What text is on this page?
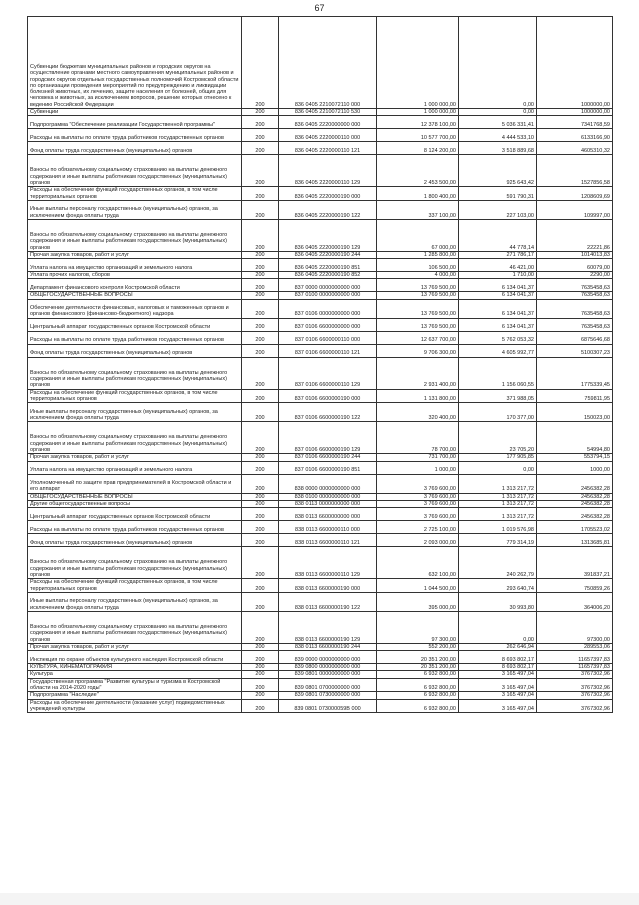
67
Субвенции бюджетам муниципальных районов и городских округов на осуществление органами местного самоуправления муниципальных районов и городских округов отдельных государственных полномочий Костромской области по организации проведения мероприятий по предупреждению и ликвидации болезней животных, их лечению, защите населения от болезней, общих для человека и животных, за исключением вопросов, решение которых отнесено к ведению Российской Федерации	200	836 0405 2210072110 000	1 000 000,00	0,00	1000000,00
Субвенции	200	836 0405 2210072110 530	1 000 000,00	0,00	1000000,00
Подпрограмма "Обеспечение реализации Государственной программы"	200	836 0405 2220000000 000	12 378 100,00	5 036 331,41	7341768,59
Расходы на выплаты по оплате труда работников государственных органов	200	836 0405 2220000110 000	10 577 700,00	4 444 533,10	6133166,90
Фонд оплаты труда государственных (муниципальных) органов	200	836 0405 2220000110 121	8 124 200,00	3 518 889,68	4605310,32
Взносы по обязательному социальному страхованию на выплаты денежного содержания и иные выплаты работникам государственных (муниципальных) органов	200	836 0405 2220000110 129	2 453 500,00	925 643,42	1527856,58
Расходы на обеспечение функций государственных органов, в том числе территориальных органов	200	836 0405 2220000190 000	1 800 400,00	591 790,31	1208609,69
Иные выплаты персоналу государственных (муниципальных) органов, за исключением фонда оплаты труда	200	836 0405 2220000190 122	337 100,00	227 103,00	109997,00
Взносы по обязательному социальному страхованию на выплаты денежного содержания и иные выплаты работникам государственных (муниципальных) органов	200	836 0405 2220000190 129	67 000,00	44 778,14	22221,86
Прочая закупка товаров, работ и услуг	200	836 0405 2220000190 244	1 285 800,00	271 786,17	1014013,83
Уплата налога на имущество организаций и земельного налога	200	836 0405 2220000190 851	106 500,00	46 421,00	60079,00
Уплата прочих налогов, сборов	200	836 0405 2220000190 852	4 000,00	1 710,00	2290,00
Департамент финансового контроля Костромской области	200	837 0000 0000000000 000	13 769 500,00	6 134 041,37	7635458,63
ОБЩЕГОСУДАРСТВЕННЫЕ ВОПРОСЫ	200	837 0100 0000000000 000	13 769 500,00	6 134 041,37	7635458,63
Обеспечение деятельности финансовых, налоговых и таможенных органов и органов финансового (финансово-бюджетного) надзора	200	837 0106 0000000000 000	13 769 500,00	6 134 041,37	7635458,63
Центральный аппарат государственных органов Костромской области	200	837 0106 6600000000 000	13 769 500,00	6 134 041,37	7635458,63
Расходы на выплаты по оплате труда работников государственных органов	200	837 0106 6600000110 000	12 637 700,00	5 762 053,32	6875646,68
Фонд оплаты труда государственных (муниципальных) органов	200	837 0106 6600000110 121	9 706 300,00	4 605 992,77	5100307,23
Взносы по обязательному социальному страхованию на выплаты денежного содержания и иные выплаты работникам государственных (муниципальных) органов	200	837 0106 6600000110 129	2 931 400,00	1 156 060,55	1775339,45
Расходы на обеспечение функций государственных органов, в том числе территориальных органов	200	837 0106 6600000190 000	1 131 800,00	371 988,05	759811,95
Иные выплаты персоналу государственных (муниципальных) органов, за исключением фонда оплаты труда	200	837 0106 6600000190 122	320 400,00	170 377,00	150023,00
Взносы по обязательному социальному страхованию на выплаты денежного содержания и иные выплаты работникам государственных (муниципальных) органов	200	837 0106 6600000190 129	78 700,00	23 705,20	54994,80
Прочая закупка товаров, работ и услуг	200	837 0106 6600000190 244	731 700,00	177 905,85	553794,15
Уплата налога на имущество организаций и земельного налога	200	837 0106 6600000190 851	1 000,00	0,00	1000,00
Уполномоченный по защите прав предпринимателей в Костромской области и его аппарат	200	838 0000 0000000000 000	3 769 600,00	1 313 217,72	2456382,28
ОБЩЕГОСУДАРСТВЕННЫЕ ВОПРОСЫ	200	838 0100 0000000000 000	3 769 600,00	1 313 217,72	2456382,28
Другие общегосударственные вопросы	200	838 0113 0000000000 000	3 769 600,00	1 313 217,72	2456382,28
Центральный аппарат государственных органов Костромской области	200	838 0113 6600000000 000	3 769 600,00	1 313 217,72	2456382,28
Расходы на выплаты по оплате труда работников государственных органов	200	838 0113 6600000110 000	2 725 100,00	1 019 576,98	1705523,02
Фонд оплаты труда государственных (муниципальных) органов	200	838 0113 6600000110 121	2 093 000,00	779 314,19	1313685,81
Взносы по обязательному социальному страхованию на выплаты денежного содержания и иные выплаты работникам государственных (муниципальных) органов	200	838 0113 6600000110 129	632 100,00	240 262,79	391837,21
Расходы на обеспечение функций государственных органов, в том числе территориальных органов	200	838 0113 6600000190 000	1 044 500,00	293 640,74	750859,26
Иные выплаты персоналу государственных (муниципальных) органов, за исключением фонда оплаты труда	200	838 0113 6600000190 122	395 000,00	30 993,80	364006,20
Взносы по обязательному социальному страхованию на выплаты денежного содержания и иные выплаты работникам государственных (муниципальных) органов	200	838 0113 6600000190 129	97 300,00	0,00	97300,00
Прочая закупка товаров, работ и услуг	200	838 0113 6600000190 244	552 200,00	262 646,94	289553,06
Инспекция по охране объектов культурного наследия Костромской области	200	839 0000 0000000000 000	20 351 200,00	8 693 802,17	11657397,83
КУЛЬТУРА, КИНЕМАТОГРАФИЯ	200	839 0800 0000000000 000	20 351 200,00	8 693 802,17	11657397,83
Культура	200	839 0801 0000000000 000	6 932 800,00	3 165 497,04	3767302,96
Государственная программа "Развитие культуры и туризма в Костромской области на 2014-2020 годы"	200	839 0801 0700000000 000	6 932 800,00	3 165 497,04	3767302,96
Подпрограмма "Наследие"	200	839 0801 0730000000 000	6 932 800,00	3 165 497,04	3767302,96
Расходы на обеспечение деятельности (оказание услуг) подведомственных учреждений культуры	200	839 0801 073000059В 000	6 932 800,00	3 165 497,04	3767302,96
